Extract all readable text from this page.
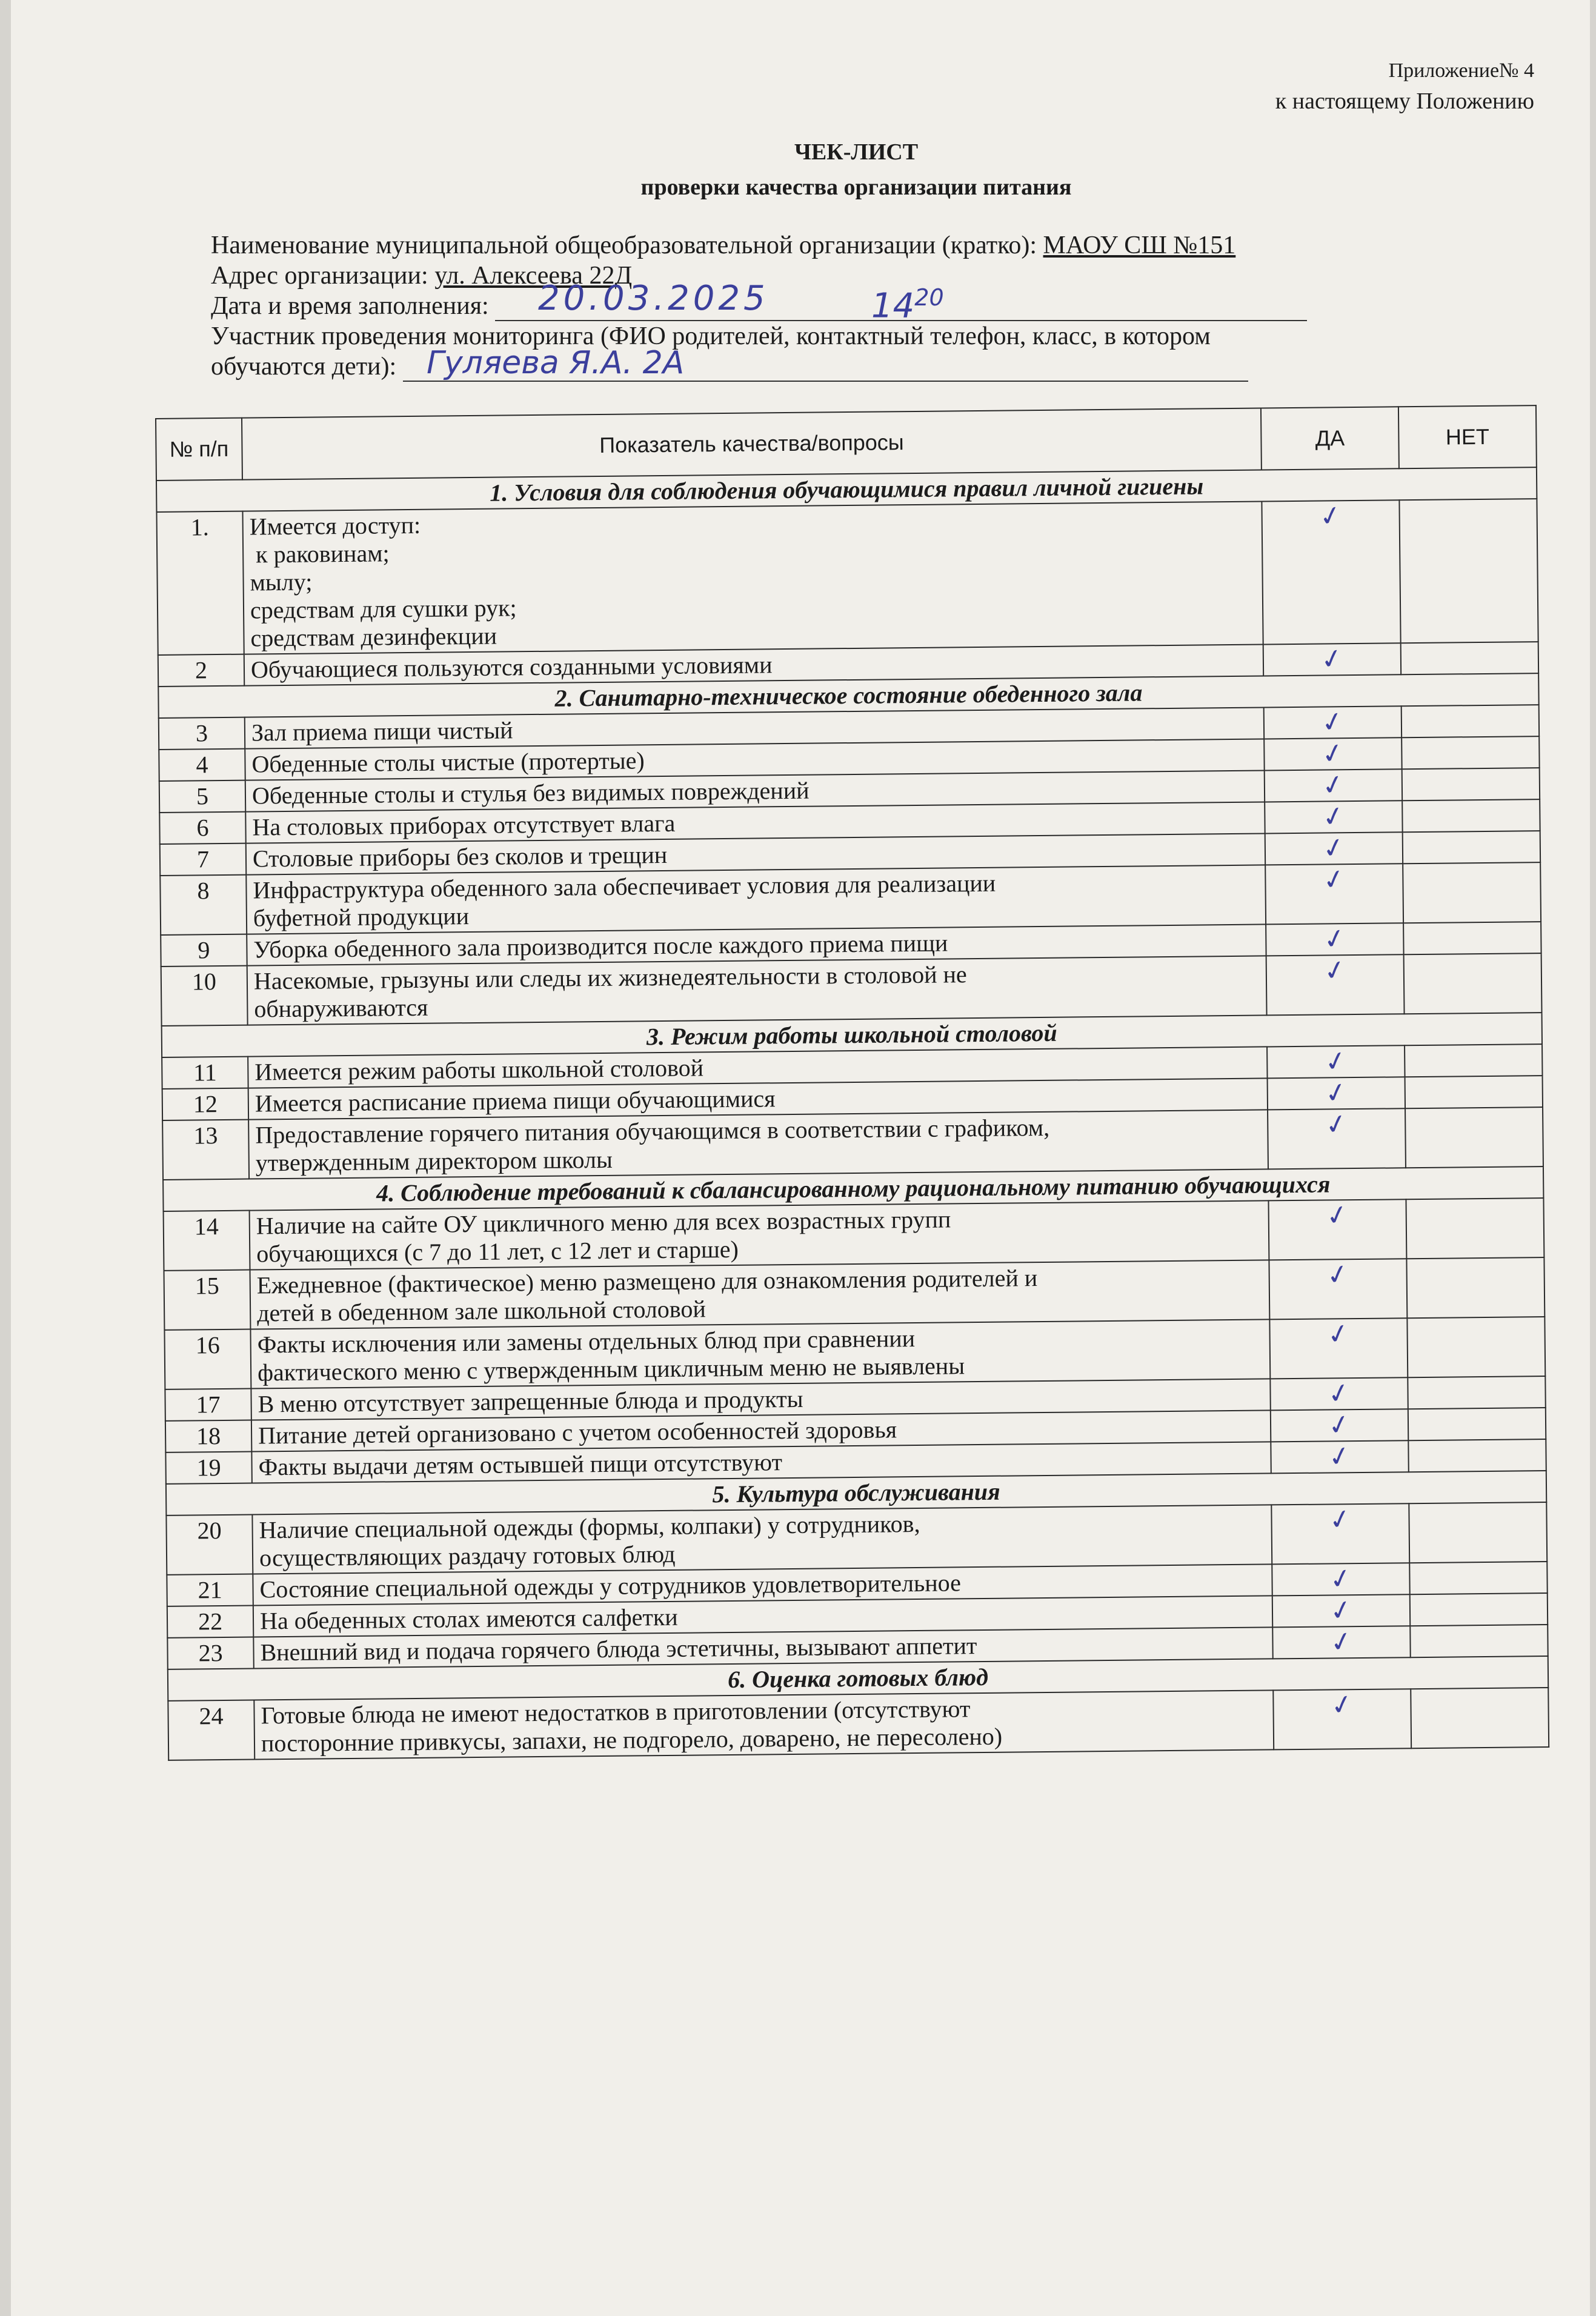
Приложение№ 4
к настоящему Положению
ЧЕК-ЛИСТ
проверки качества организации питания
Наименование муниципальной общеобразовательной организации (кратко): МАОУ СШ №151
Адрес организации: ул. Алексеева 22Д
Дата и время заполнения: 20.03.2025	$14^{20}$
Участник проведения мониторинга (ФИО родителей, контактный телефон, класс, в котором
обучаются дети): Гуляева Я.А. 2А
№ п/п	Показатель качества/вопросы	ДА	НЕТ
1. Условия для соблюдения обучающимися правил личной гигиены			
1.	Имеется доступ:
к раковинам;
мылу;
средствам для сушки рук;
средствам дезинфекции	✓	
2	Обучающиеся пользуются созданными условиями	✓	
2. Санитарно-техническое состояние обеденного зала			
3	Зал приема пищи чистый	✓	
4	Обеденные столы чистые (протертые)	✓	
5	Обеденные столы и стулья без видимых повреждений	✓	
6	На столовых приборах отсутствует влага	✓	
7	Столовые приборы без сколов и трещин	✓	
8	Инфраструктура обеденного зала обеспечивает условия для реализации
буфетной продукции	✓	
9	Уборка обеденного зала производится после каждого приема пищи	✓	
10	Насекомые, грызуны или следы их жизнедеятельности в столовой не
обнаруживаются	✓	
3. Режим работы школьной столовой			
11	Имеется режим работы школьной столовой	✓	
12	Имеется расписание приема пищи обучающимися	✓	
13	Предоставление горячего питания обучающимся в соответствии с графиком,
утвержденным директором школы	✓	
4. Соблюдение требований к сбалансированному рациональному питанию обучающихся			
14	Наличие на сайте ОУ цикличного меню для всех возрастных групп
обучающихся (с 7 до 11 лет, с 12 лет и старше)	✓	
15	Ежедневное (фактическое) меню размещено для ознакомления родителей и
детей в обеденном зале школьной столовой	✓	
16	Факты исключения или замены отдельных блюд при сравнении
фактического меню с утвержденным цикличным меню не выявлены	✓	
17	В меню отсутствует запрещенные блюда и продукты	✓	
18	Питание детей организовано с учетом особенностей здоровья	✓	
19	Факты выдачи детям остывшей пищи отсутствуют	✓	
5. Культура обслуживания			
20	Наличие специальной одежды (формы, колпаки) у сотрудников,
осуществляющих раздачу готовых блюд	✓	
21	Состояние специальной одежды у сотрудников удовлетворительное	✓	
22	На обеденных столах имеются салфетки	✓	
23	Внешний вид и подача горячего блюда эстетичны, вызывают аппетит	✓	
6. Оценка готовых блюд			
24	Готовые блюда не имеют недостатков в приготовлении (отсутствуют
посторонние привкусы, запахи, не подгорело, доварено, не пересолено)	✓	
